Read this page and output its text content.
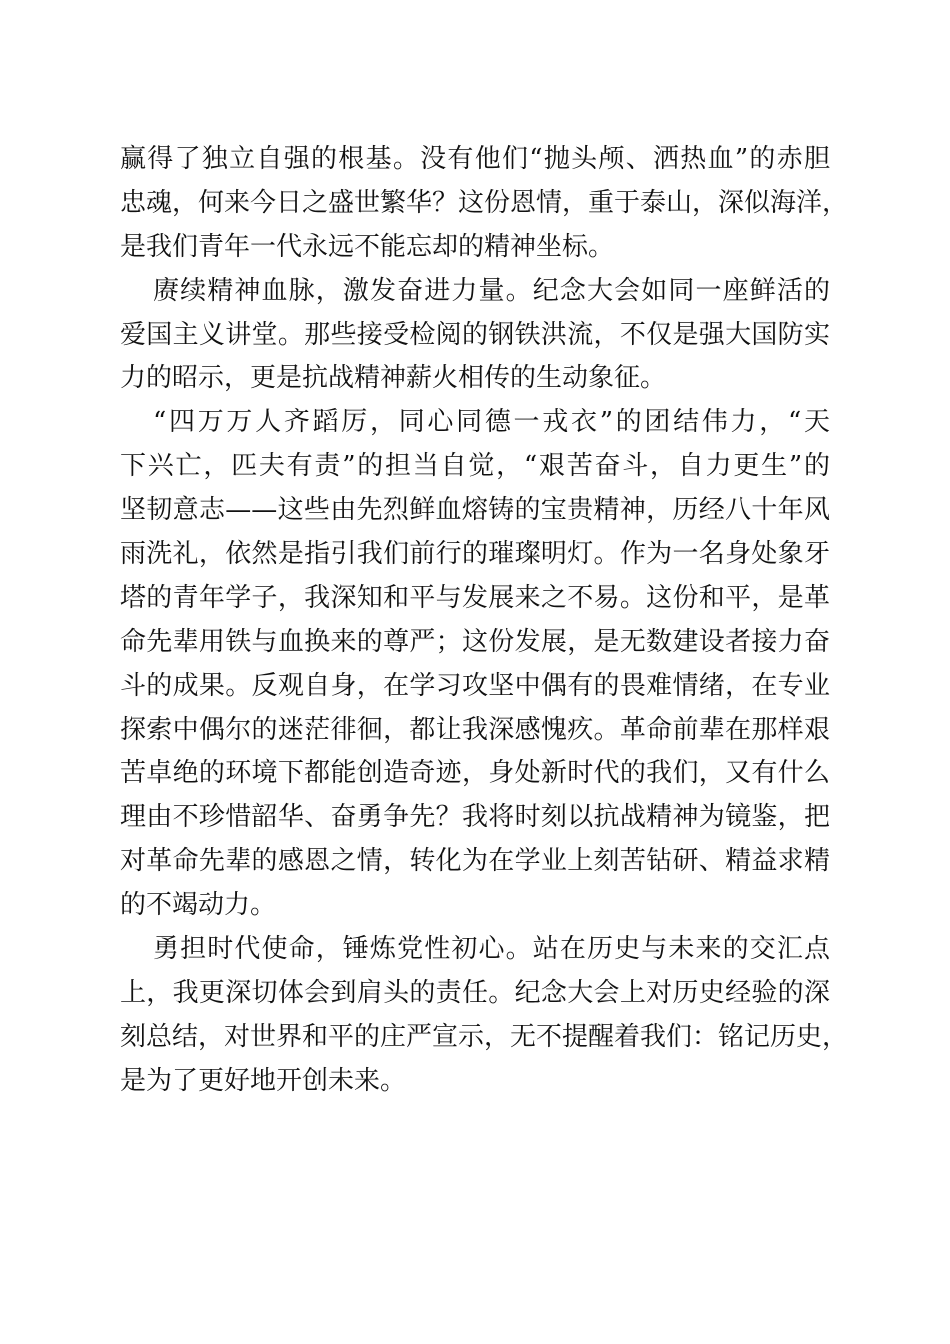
赢得了独立自强的根基。没有他们“抛头颅、洒热血”的赤胆
忠魂，何来今日之盛世繁华？这份恩情，重于泰山，深似海洋，
是我们青年一代永远不能忘却的精神坐标。
赓续精神血脉，激发奋进力量。纪念大会如同一座鲜活的
爱国主义讲堂。那些接受检阅的钢铁洪流，不仅是强大国防实
力的昭示，更是抗战精神薪火相传的生动象征。
“四万万人齐蹈厉，同心同德一戎衣”的团结伟力，“天
下兴亡，匹夫有责”的担当自觉，“艰苦奋斗，自力更生”的
坚韧意志——这些由先烈鲜血熔铸的宝贵精神，历经八十年风
雨洗礼，依然是指引我们前行的璀璨明灯。作为一名身处象牙
塔的青年学子，我深知和平与发展来之不易。这份和平，是革
命先辈用铁与血换来的尊严；这份发展，是无数建设者接力奋
斗的成果。反观自身，在学习攻坚中偶有的畏难情绪，在专业
探索中偶尔的迷茫徘徊，都让我深感愧疚。革命前辈在那样艰
苦卓绝的环境下都能创造奇迹，身处新时代的我们，又有什么
理由不珍惜韶华、奋勇争先？我将时刻以抗战精神为镜鉴，把
对革命先辈的感恩之情，转化为在学业上刻苦钻研、精益求精
的不竭动力。
勇担时代使命，锤炼党性初心。站在历史与未来的交汇点
上，我更深切体会到肩头的责任。纪念大会上对历史经验的深
刻总结，对世界和平的庄严宣示，无不提醒着我们：铭记历史，
是为了更好地开创未来。
